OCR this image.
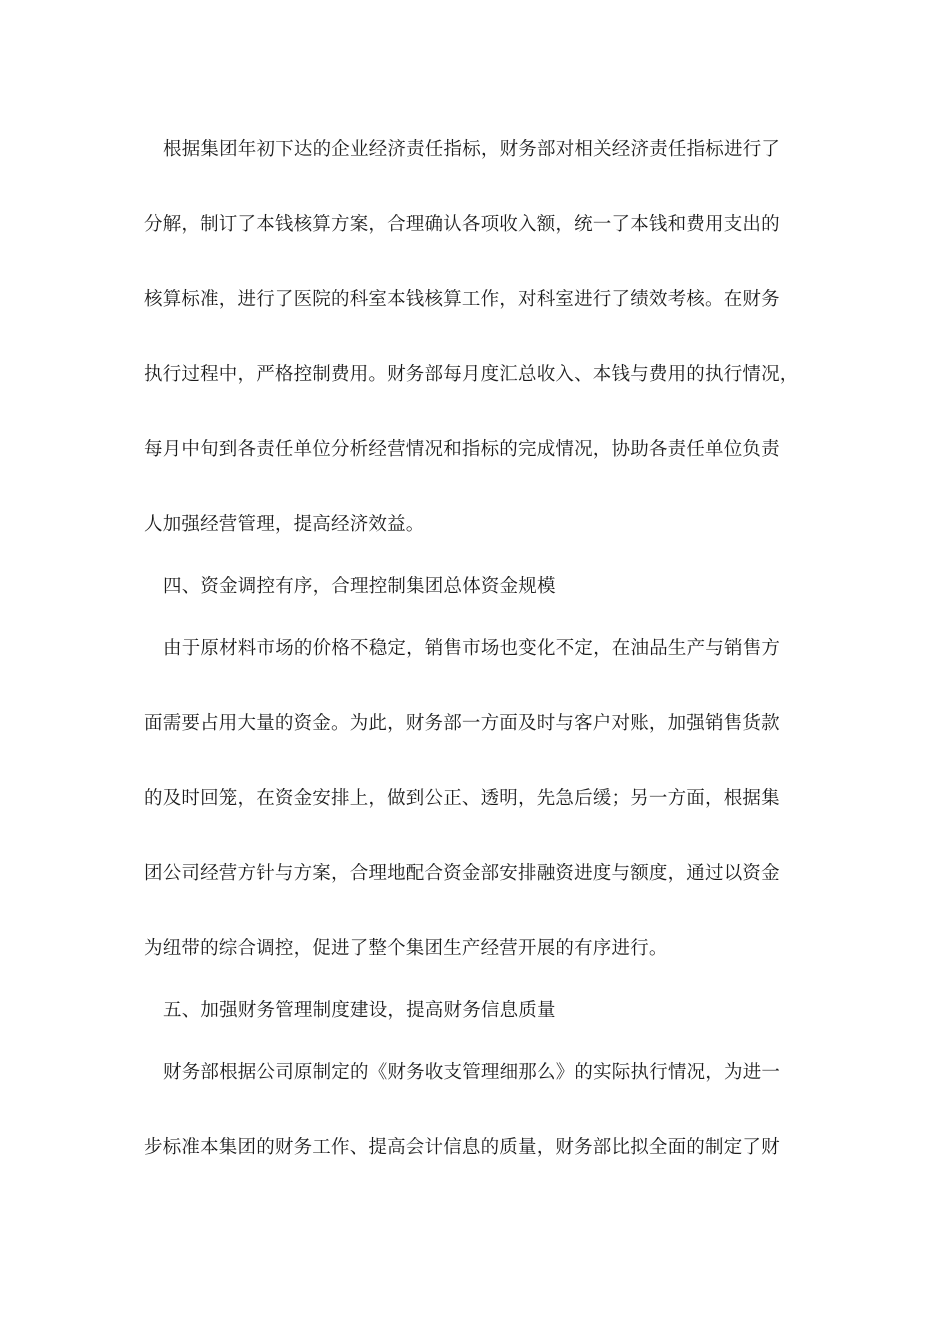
根据集团年初下达的企业经济责任指标，财务部对相关经济责任指标进行了
分解，制订了本钱核算方案，合理确认各项收入额，统一了本钱和费用支出的
核算标准，进行了医院的科室本钱核算工作，对科室进行了绩效考核。在财务
执行过程中，严格控制费用。财务部每月度汇总收入、本钱与费用的执行情况，
每月中旬到各责任单位分析经营情况和指标的完成情况，协助各责任单位负责
人加强经营管理，提高经济效益。
四、资金调控有序，合理控制集团总体资金规模
由于原材料市场的价格不稳定，销售市场也变化不定，在油品生产与销售方
面需要占用大量的资金。为此，财务部一方面及时与客户对账，加强销售货款
的及时回笼，在资金安排上，做到公正、透明，先急后缓；另一方面，根据集
团公司经营方针与方案，合理地配合资金部安排融资进度与额度，通过以资金
为纽带的综合调控，促进了整个集团生产经营开展的有序进行。
五、加强财务管理制度建设，提高财务信息质量
财务部根据公司原制定的《财务收支管理细那么》的实际执行情况，为进一
步标准本集团的财务工作、提高会计信息的质量，财务部比拟全面的制定了财
